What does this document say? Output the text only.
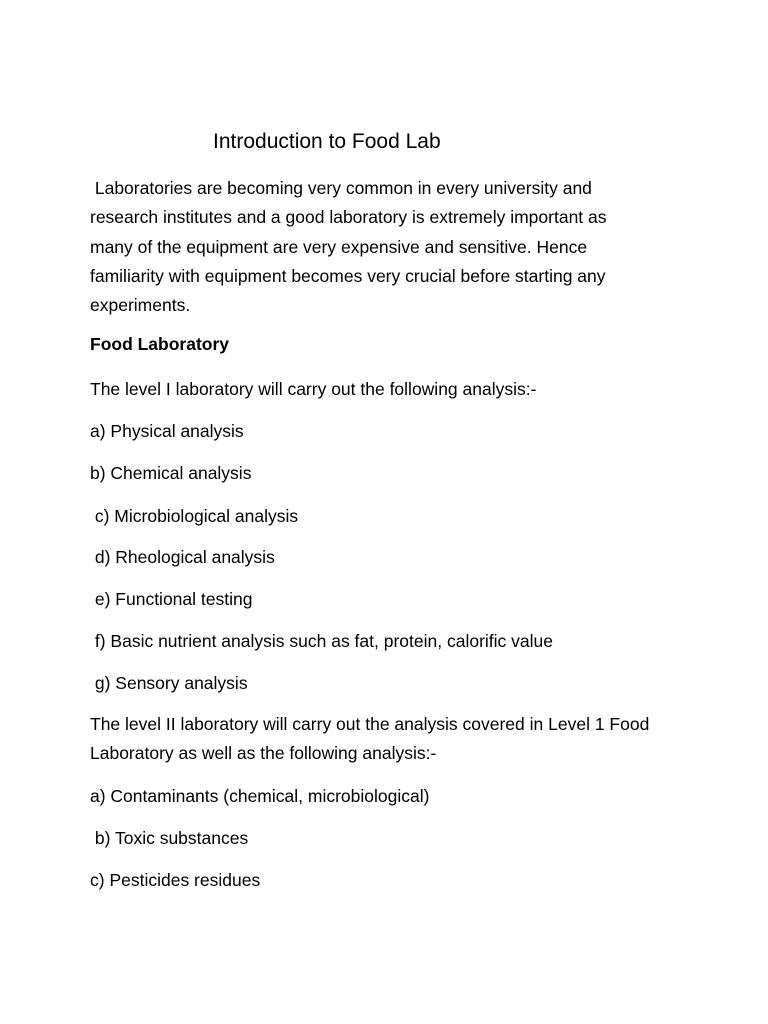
Introduction to Food Lab
Laboratories are becoming very common in every university and
research institutes and a good laboratory is extremely important as
many of the equipment are very expensive and sensitive. Hence
familiarity with equipment becomes very crucial before starting any
experiments.
Food Laboratory
The level I laboratory will carry out the following analysis:-
a) Physical analysis
b) Chemical analysis
c) Microbiological analysis
d) Rheological analysis
e) Functional testing
f) Basic nutrient analysis such as fat, protein, calorific value
g) Sensory analysis
The level II laboratory will carry out the analysis covered in Level 1 Food
Laboratory as well as the following analysis:-
a) Contaminants (chemical, microbiological)
b) Toxic substances
c) Pesticides residues
